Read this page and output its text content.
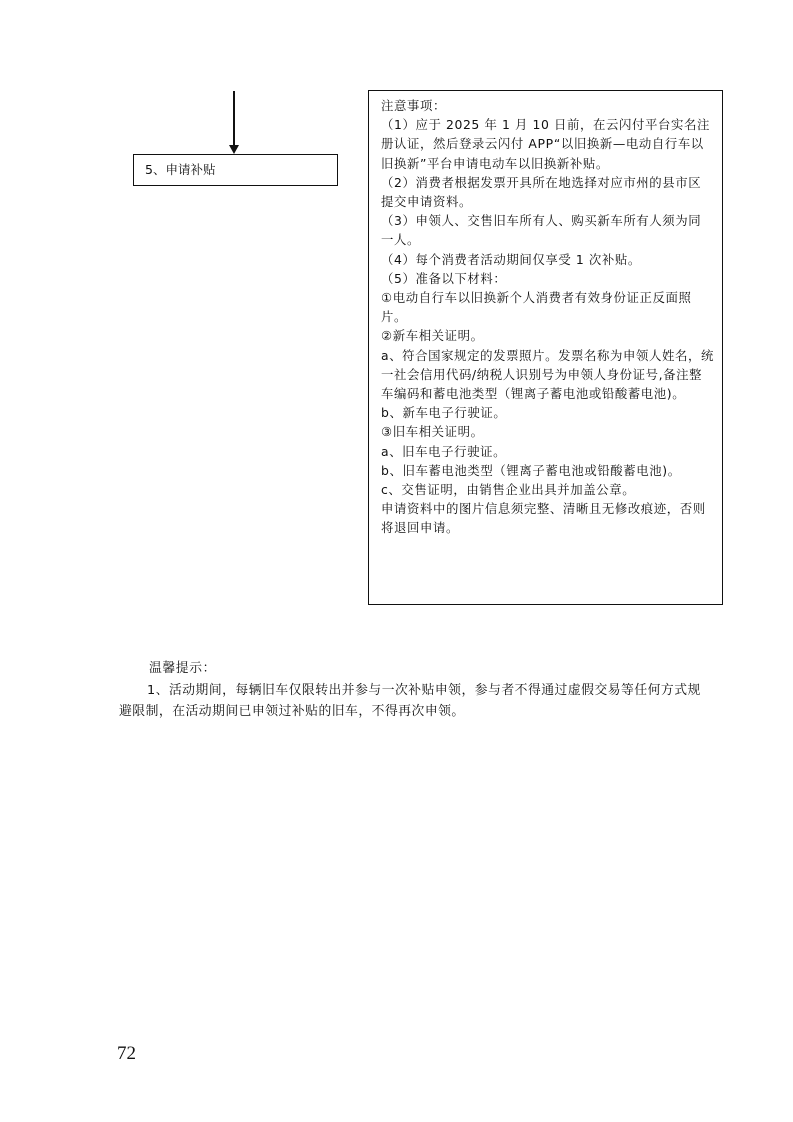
5、申请补贴
注意事项：
（1）应于 2025 年 1 月 10 日前，在云闪付平台实名注册认证，然后登录云闪付 APP“以旧换新—电动自行车以旧换新”平台申请电动车以旧换新补贴。
（2）消费者根据发票开具所在地选择对应市州的县市区提交申请资料。
（3）申领人、交售旧车所有人、购买新车所有人须为同一人。
（4）每个消费者活动期间仅享受 1 次补贴。
（5）准备以下材料：
①电动自行车以旧换新个人消费者有效身份证正反面照片。
②新车相关证明。
a、符合国家规定的发票照片。发票名称为申领人姓名，统一社会信用代码/纳税人识别号为申领人身份证号,备注整车编码和蓄电池类型（锂离子蓄电池或铅酸蓄电池)。
b、新车电子行驶证。
③旧车相关证明。
a、旧车电子行驶证。
b、旧车蓄电池类型（锂离子蓄电池或铅酸蓄电池)。
c、交售证明，由销售企业出具并加盖公章。
申请资料中的图片信息须完整、清晰且无修改痕迹，否则将退回申请。
温馨提示：
1、活动期间，每辆旧车仅限转出并参与一次补贴申领，参与者不得通过虚假交易等任何方式规避限制，在活动期间已申领过补贴的旧车，不得再次申领。
72
